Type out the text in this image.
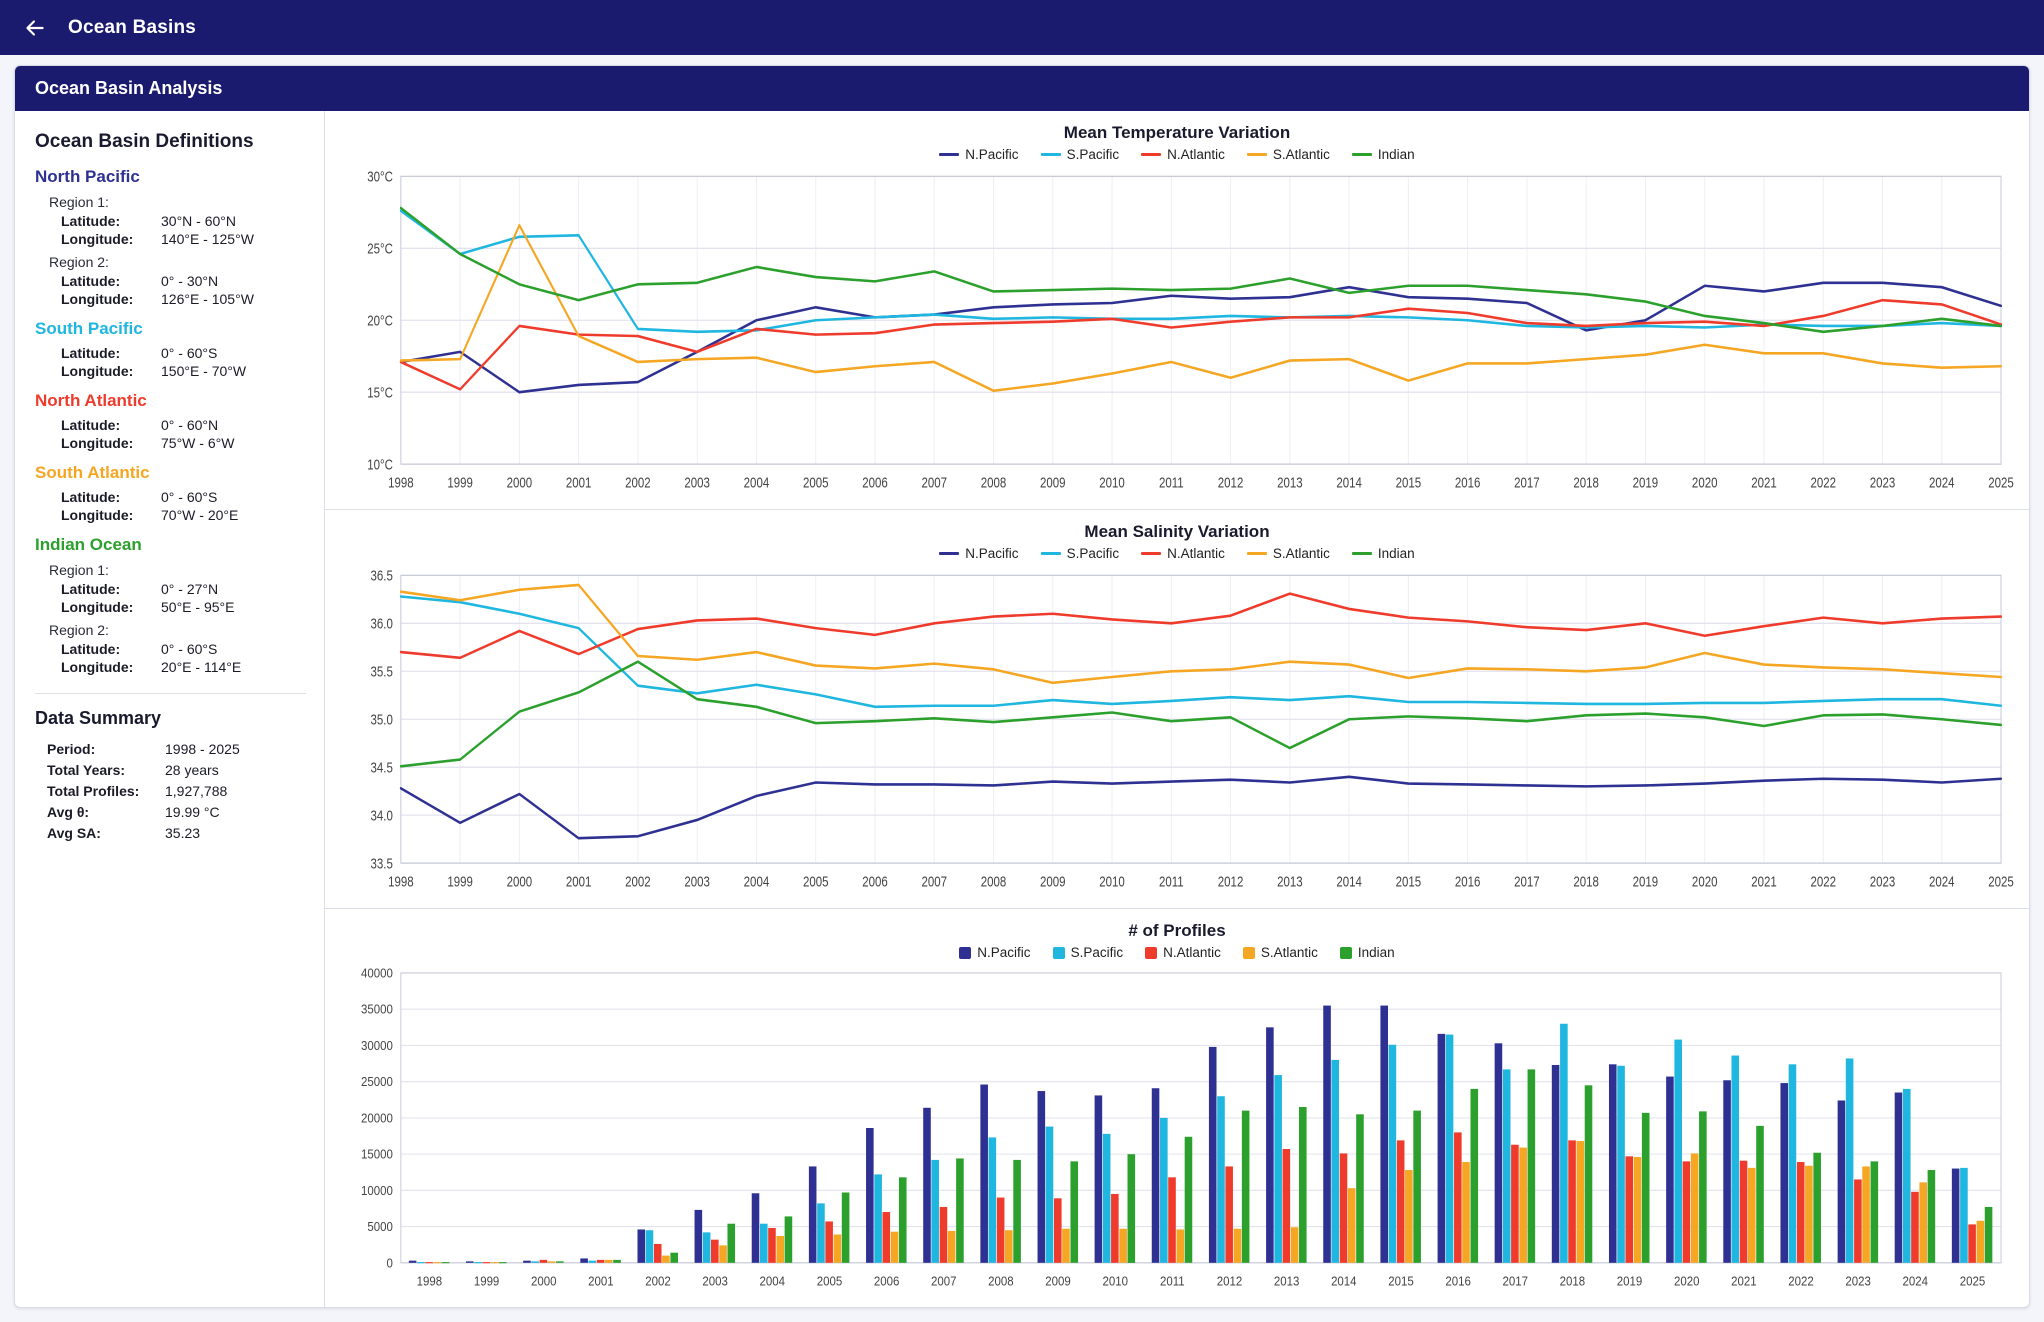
Ocean Basins
Ocean Basin Analysis
Ocean Basin Definitions
North Pacific
Region 1:
Latitude:	30°N - 60°N
Longitude:	140°E - 125°W
Region 2:
Latitude:	0° - 30°N
Longitude:	126°E - 105°W
South Pacific
Latitude:	0° - 60°S
Longitude:	150°E - 70°W
North Atlantic
Latitude:	0° - 60°N
Longitude:	75°W - 6°W
South Atlantic
Latitude:	0° - 60°S
Longitude:	70°W - 20°E
Indian Ocean
Region 1:
Latitude:	0° - 27°N
Longitude:	50°E - 95°E
Region 2:
Latitude:	0° - 60°S
Longitude:	20°E - 114°E
Data Summary
Period:	1998 - 2025
Total Years:	28 years
Total Profiles:	1,927,788
Avg θ:	19.99 °C
Avg SA:	35.23
Mean Temperature Variation
N.Pacific	S.Pacific	N.Atlantic	S.Atlantic	Indian
10°C
15°C
20°C
25°C
30°C
1998	1999	2000	2001	2002	2003	2004	2005	2006	2007	2008	2009	2010	2011	2012	2013	2014	2015	2016	2017	2018	2019	2020	2021	2022	2023	2024	2025
Mean Salinity Variation
N.Pacific	S.Pacific	N.Atlantic	S.Atlantic	Indian
33.5
34.0
34.5
35.0
35.5
36.0
36.5
1998	1999	2000	2001	2002	2003	2004	2005	2006	2007	2008	2009	2010	2011	2012	2013	2014	2015	2016	2017	2018	2019	2020	2021	2022	2023	2024	2025
# of Profiles
N.Pacific	S.Pacific	N.Atlantic	S.Atlantic	Indian
0
5000
10000
15000
20000
25000
30000
35000
40000
1998	1999	2000	2001	2002	2003	2004	2005	2006	2007	2008	2009	2010	2011	2012	2013	2014	2015	2016	2017	2018	2019	2020	2021	2022	2023	2024	2025
